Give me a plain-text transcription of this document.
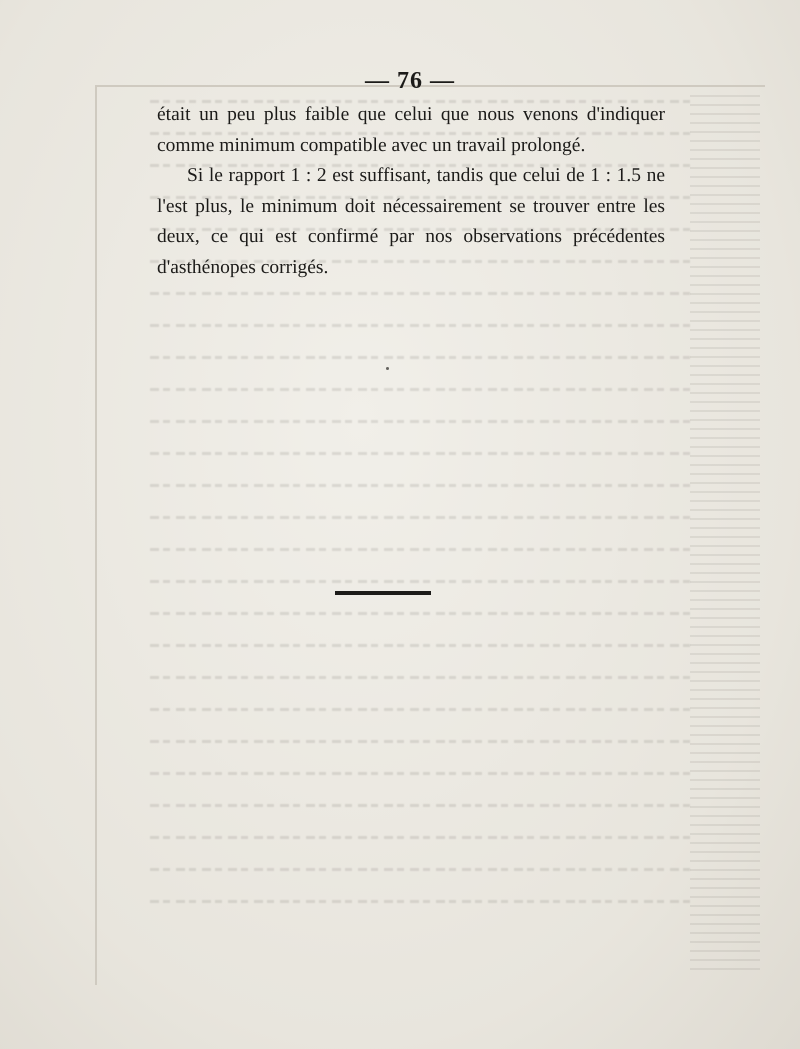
— 76 —

était un peu plus faible que celui que nous venons d'indiquer comme minimum compatible avec un travail prolongé.

Si le rapport 1 : 2 est suffisant, tandis que celui de 1 : 1.5 ne l'est plus, le minimum doit nécessairement se trouver entre les deux, ce qui est confirmé par nos observations précédentes d'asthénopes corrigés.
